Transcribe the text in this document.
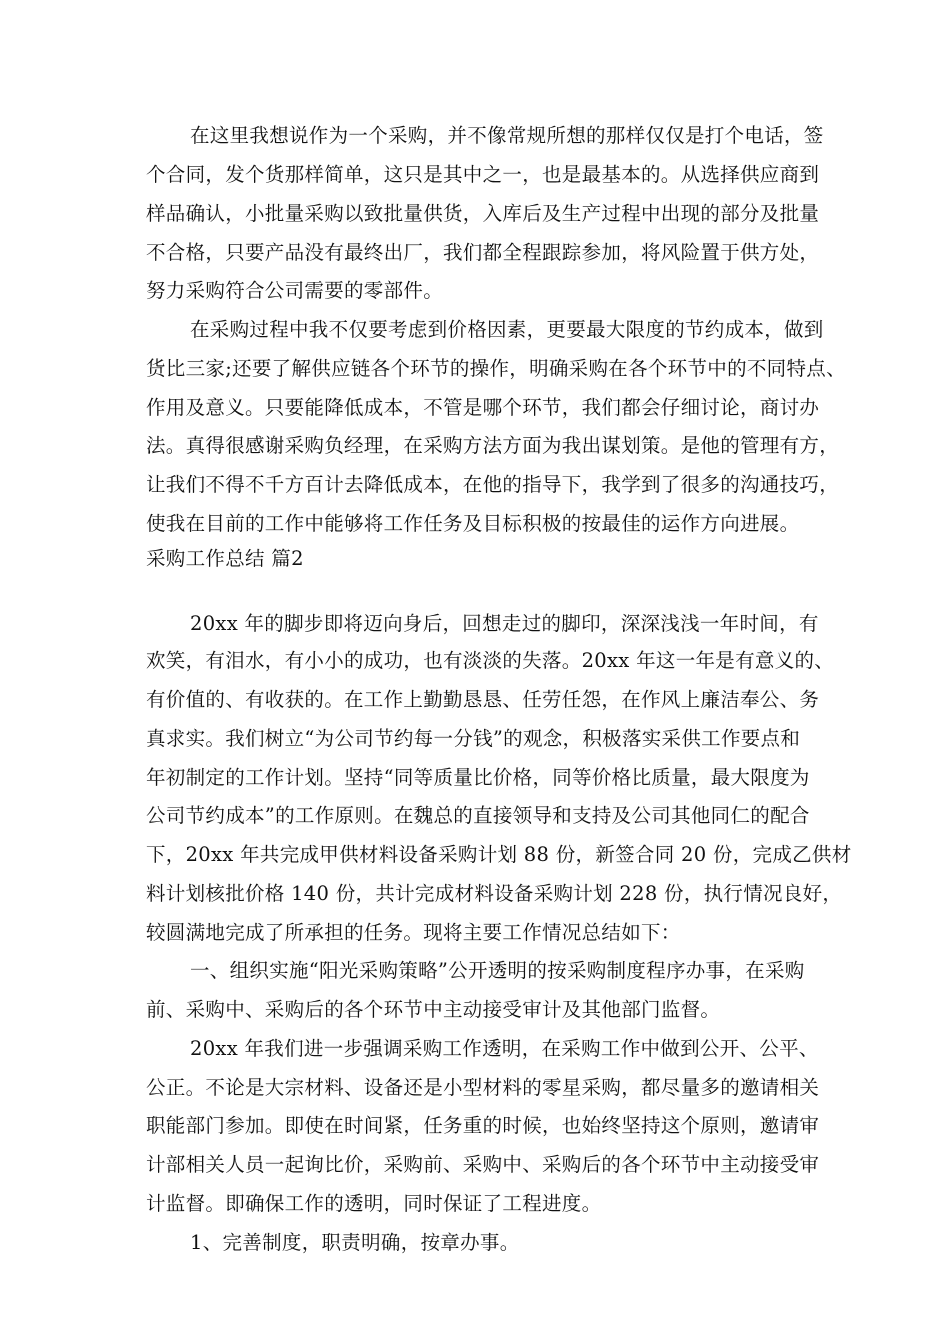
在这里我想说作为一个采购，并不像常规所想的那样仅仅是打个电话，签
个合同，发个货那样简单，这只是其中之一，也是最基本的。从选择供应商到
样品确认，小批量采购以致批量供货，入库后及生产过程中出现的部分及批量
不合格，只要产品没有最终出厂，我们都全程跟踪参加，将风险置于供方处，
努力采购符合公司需要的零部件。
在采购过程中我不仅要考虑到价格因素，更要最大限度的节约成本，做到
货比三家;还要了解供应链各个环节的操作，明确采购在各个环节中的不同特点、
作用及意义。只要能降低成本，不管是哪个环节，我们都会仔细讨论，商讨办
法。真得很感谢采购负经理，在采购方法方面为我出谋划策。是他的管理有方，
让我们不得不千方百计去降低成本，在他的指导下，我学到了很多的沟通技巧，
使我在目前的工作中能够将工作任务及目标积极的按最佳的运作方向进展。
采购工作总结 篇2
20xx 年的脚步即将迈向身后，回想走过的脚印，深深浅浅一年时间，有
欢笑，有泪水，有小小的成功，也有淡淡的失落。20xx 年这一年是有意义的、
有价值的、有收获的。在工作上勤勤恳恳、任劳任怨，在作风上廉洁奉公、务
真求实。我们树立“为公司节约每一分钱”的观念，积极落实采供工作要点和
年初制定的工作计划。坚持“同等质量比价格，同等价格比质量，最大限度为
公司节约成本”的工作原则。在魏总的直接领导和支持及公司其他同仁的配合
下，20xx 年共完成甲供材料设备采购计划 88 份，新签合同 20 份，完成乙供材
料计划核批价格 140 份，共计完成材料设备采购计划 228 份，执行情况良好，
较圆满地完成了所承担的任务。现将主要工作情况总结如下：
一、组织实施“阳光采购策略”公开透明的按采购制度程序办事，在采购
前、采购中、采购后的各个环节中主动接受审计及其他部门监督。
20xx 年我们进一步强调采购工作透明，在采购工作中做到公开、公平、
公正。不论是大宗材料、设备还是小型材料的零星采购，都尽量多的邀请相关
职能部门参加。即使在时间紧，任务重的时候，也始终坚持这个原则，邀请审
计部相关人员一起询比价，采购前、采购中、采购后的各个环节中主动接受审
计监督。即确保工作的透明，同时保证了工程进度。
1、完善制度，职责明确，按章办事。
